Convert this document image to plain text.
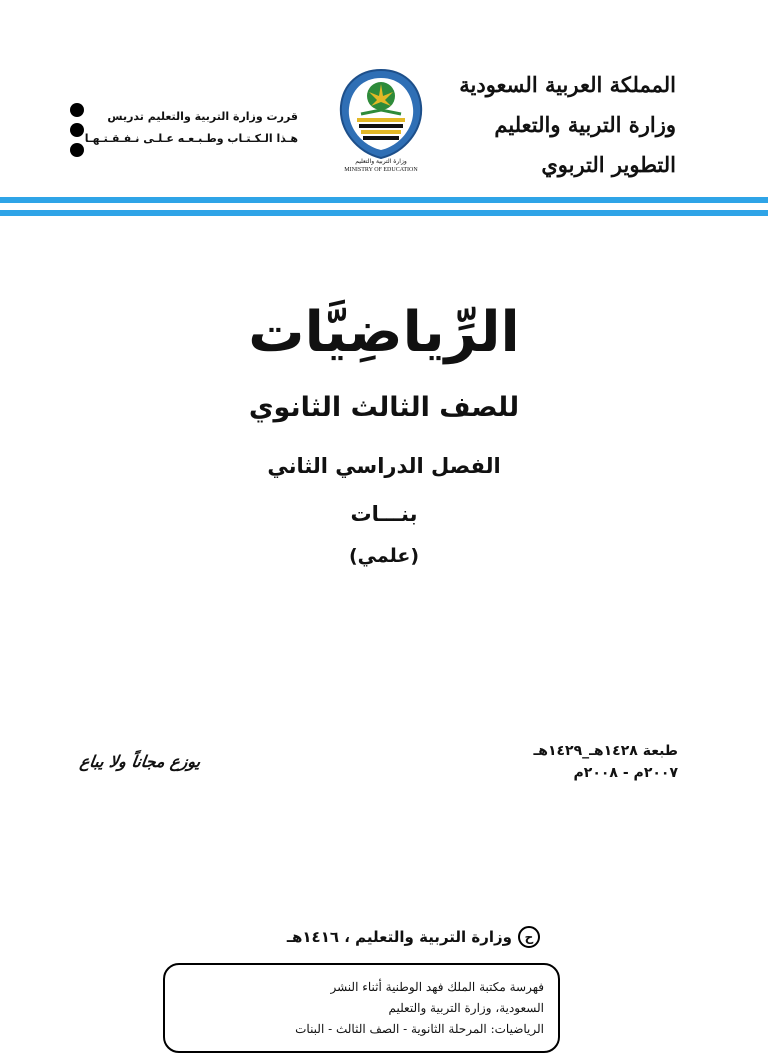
قررت وزارة التربية والتعليم تدريس
هـذا الـكـتـاب وطـبـعـه عـلـى نـفـقـتـهـا
وزارة التربية والتعليم
MINISTRY OF EDUCATION
المملكة العربية السعودية
وزارة التربية والتعليم
التطوير التربوي
الرِّياضِيَّات
للصف الثالث الثانوي
الفصل الدراسي الثاني
بنـــات
(علمي)
طبعة ١٤٢٨هـ_١٤٢٩هـ
٢٠٠٧م - ٢٠٠٨م
يوزع مجاناً ولا يباع
ح
وزارة التربية والتعليم ، ١٤١٦هـ
فهرسة مكتبة الملك فهد الوطنية أثناء النشر
السعودية، وزارة التربية والتعليم
الرياضيات: المرحلة الثانوية - الصف الثالث - البنات
